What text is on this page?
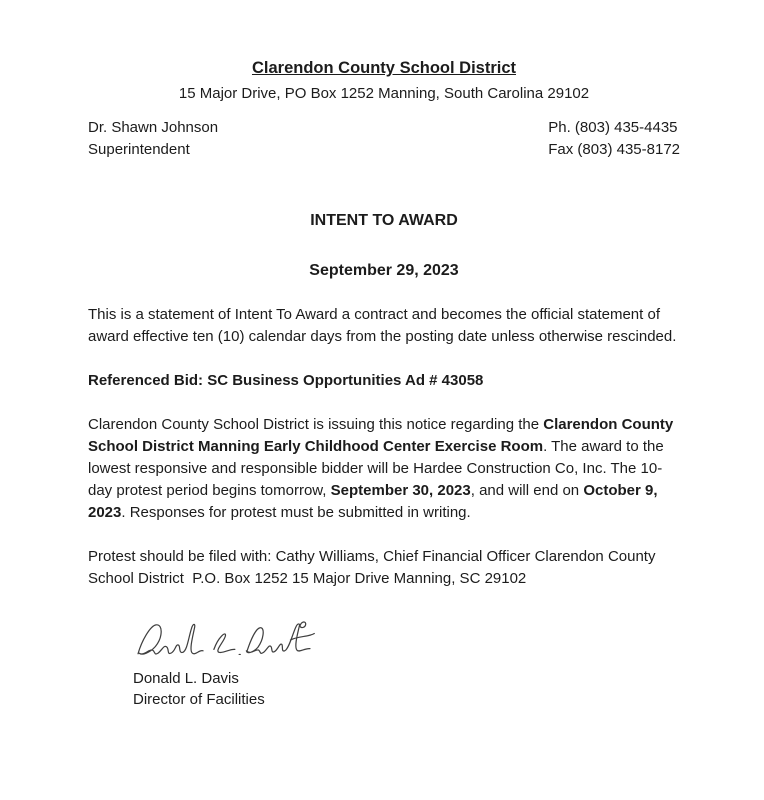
Clarendon County School District
15 Major Drive, PO Box 1252 Manning, South Carolina 29102
Dr. Shawn Johnson
Superintendent
Ph. (803) 435-4435
Fax (803) 435-8172
INTENT TO AWARD
September 29, 2023

This is a statement of Intent To Award a contract and becomes the official statement of award effective ten (10) calendar days from the posting date unless otherwise rescinded.

Referenced Bid: SC Business Opportunities Ad # 43058

Clarendon County School District is issuing this notice regarding the Clarendon County School District Manning Early Childhood Center Exercise Room. The award to the lowest responsive and responsible bidder will be Hardee Construction Co, Inc. The 10-day protest period begins tomorrow, September 30, 2023, and will end on October 9, 2023. Responses for protest must be submitted in writing.

Protest should be filed with: Cathy Williams, Chief Financial Officer Clarendon County School District  P.O. Box 1252 15 Major Drive Manning, SC 29102

Donald L. Davis
Director of Facilities
